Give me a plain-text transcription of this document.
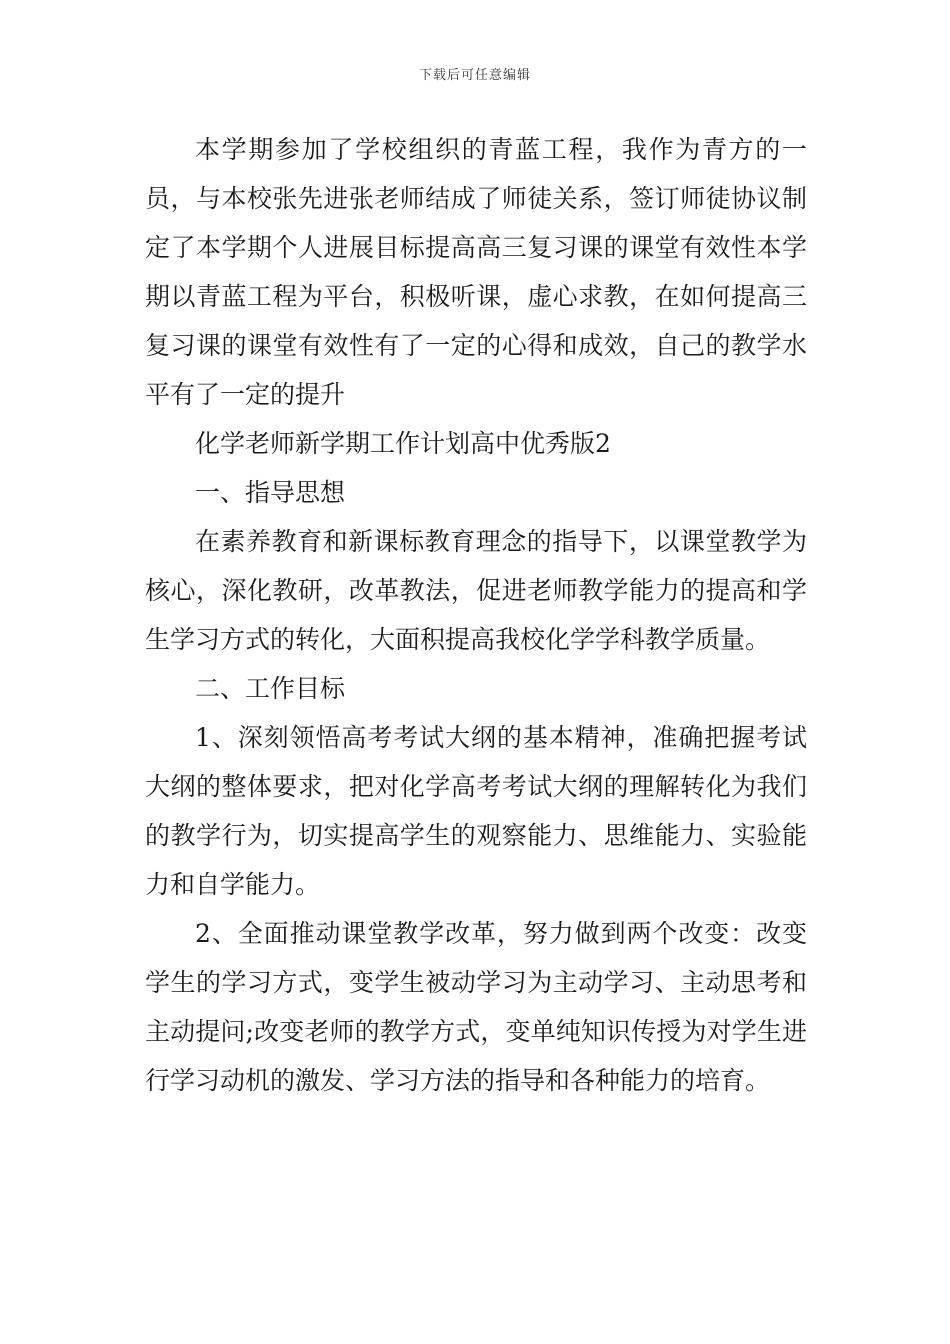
下载后可任意编辑

本学期参加了学校组织的青蓝工程，我作为青方的一员，与本校张先进张老师结成了师徒关系，签订师徒协议制定了本学期个人进展目标提高高三复习课的课堂有效性本学期以青蓝工程为平台，积极听课，虚心求教，在如何提高三复习课的课堂有效性有了一定的心得和成效，自己的教学水平有了一定的提升

化学老师新学期工作计划高中优秀版2

一、指导思想

在素养教育和新课标教育理念的指导下，以课堂教学为核心，深化教研，改革教法，促进老师教学能力的提高和学生学习方式的转化，大面积提高我校化学学科教学质量。

二、工作目标

1、深刻领悟高考考试大纲的基本精神，准确把握考试大纲的整体要求，把对化学高考考试大纲的理解转化为我们的教学行为，切实提高学生的观察能力、思维能力、实验能力和自学能力。

2、全面推动课堂教学改革，努力做到两个改变：改变学生的学习方式，变学生被动学习为主动学习、主动思考和主动提问;改变老师的教学方式，变单纯知识传授为对学生进行学习动机的激发、学习方法的指导和各种能力的培育。
